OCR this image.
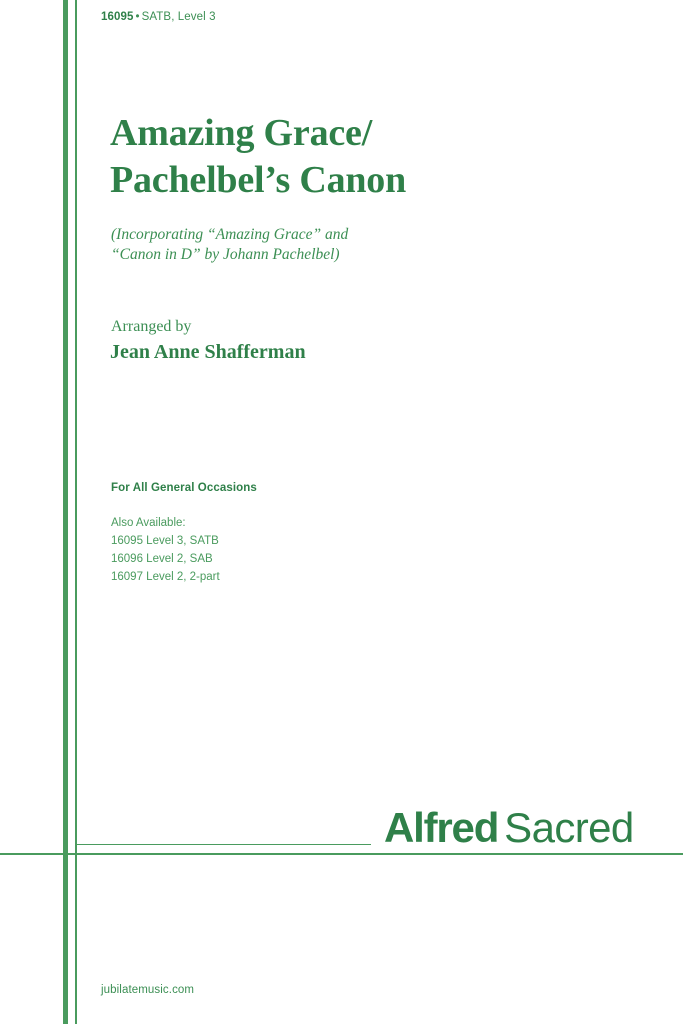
16095 • SATB, Level 3
Amazing Grace/
Pachelbel’s Canon
(Incorporating “Amazing Grace” and
“Canon in D” by Johann Pachelbel)
Arranged by
Jean Anne Shafferman
For All General Occasions
Also Available:
16095 Level 3, SATB
16096 Level 2, SAB
16097 Level 2, 2-part
Alfred Sacred
jubilatemusic.com
